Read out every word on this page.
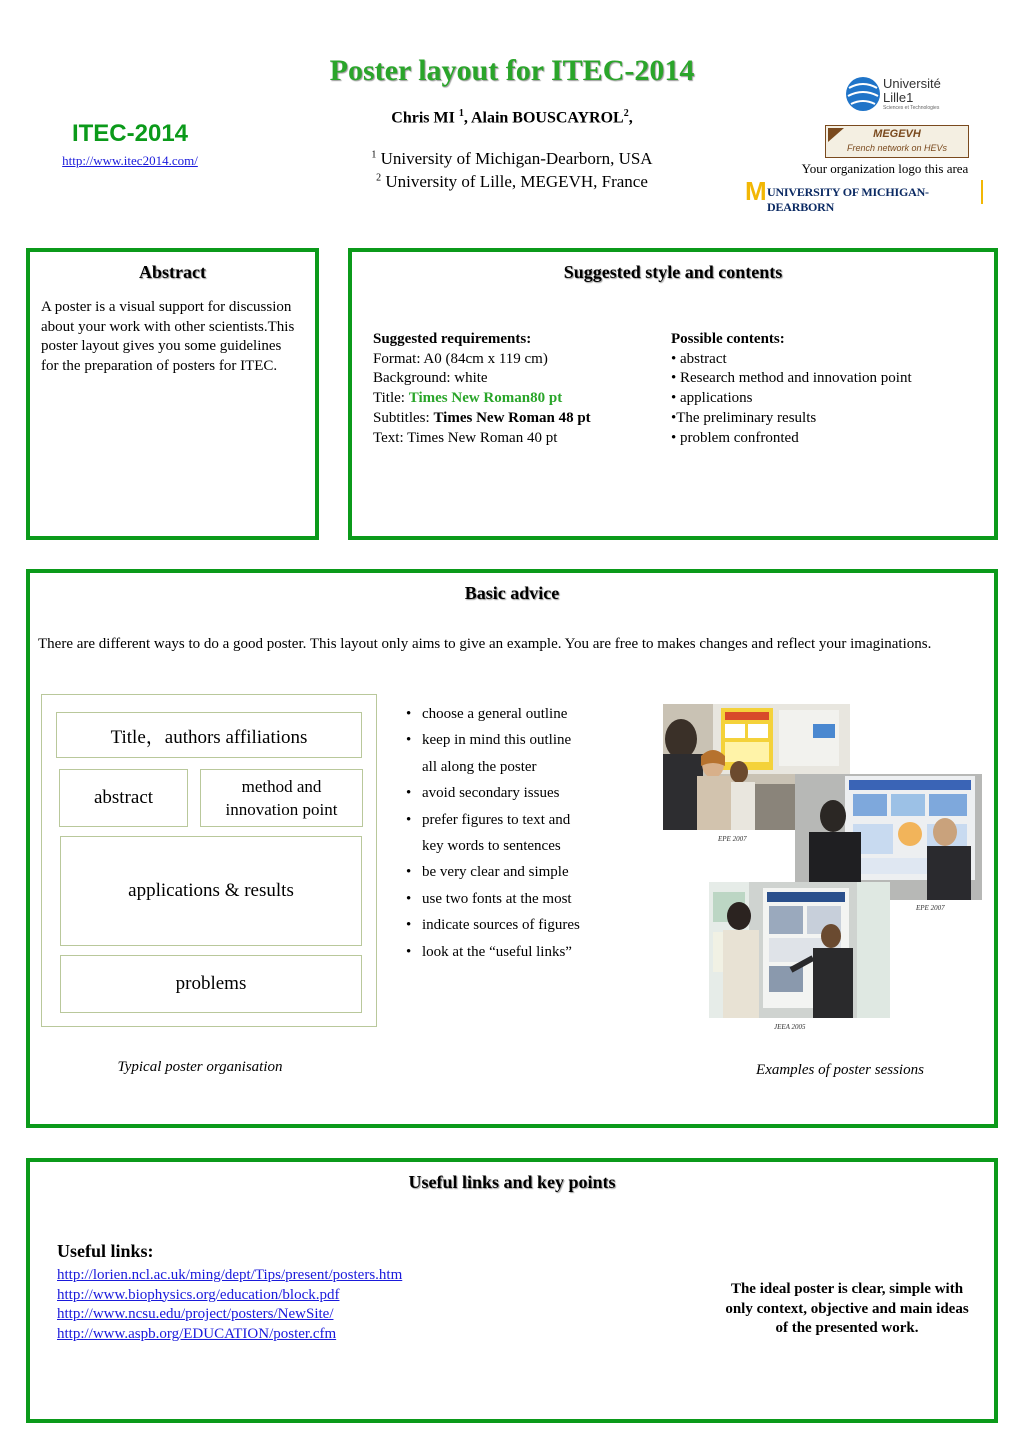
Poster layout for ITEC-2014
Chris MI $^1$, Alain BOUSCAYROL$^2$,
$^1$ University of Michigan-Dearborn, USA
$^2$ University of Lille, MEGEVH, France
ITEC-2014
http://www.itec2014.com/
Université
Lille1
Sciences et Technologies
MEGEVH
French network on HEVs
Your organization logo this area
M UNIVERSITY OF MICHIGAN-DEARBORN
Abstract
A poster is a visual support for discussion about your work with other scientists.This poster layout gives you some guidelines for the preparation of posters for ITEC.
Suggested style and contents
Suggested requirements:
Format: A0 (84cm x 119 cm)
Background: white
Title: Times New Roman80 pt
Subtitles: Times New Roman 48 pt
Text: Times New Roman 40 pt
Possible contents:
• abstract
• Research method and innovation point
• applications
•The preliminary results
• problem confronted
Basic advice
There are different ways to do a good poster. This layout only aims to give an example. You are free to makes changes and reflect your imaginations.
Title，authors affiliations
abstract
method and innovation point
applications & results
problems
Typical poster organisation
• choose a general outline
• keep in mind this outline
all along the poster
• avoid secondary issues
• prefer figures to text and
key words to sentences
• be very clear and simple
• use two fonts at the most
• indicate sources of figures
• look at the “useful links”
EPE 2007
EPE 2007
JEEA 2005
Examples of poster sessions
Useful links and key points
Useful links:
http://lorien.ncl.ac.uk/ming/dept/Tips/present/posters.htm
http://www.biophysics.org/education/block.pdf
http://www.ncsu.edu/project/posters/NewSite/
http://www.aspb.org/EDUCATION/poster.cfm
The ideal poster is clear, simple with only context, objective and main ideas of the presented work.
